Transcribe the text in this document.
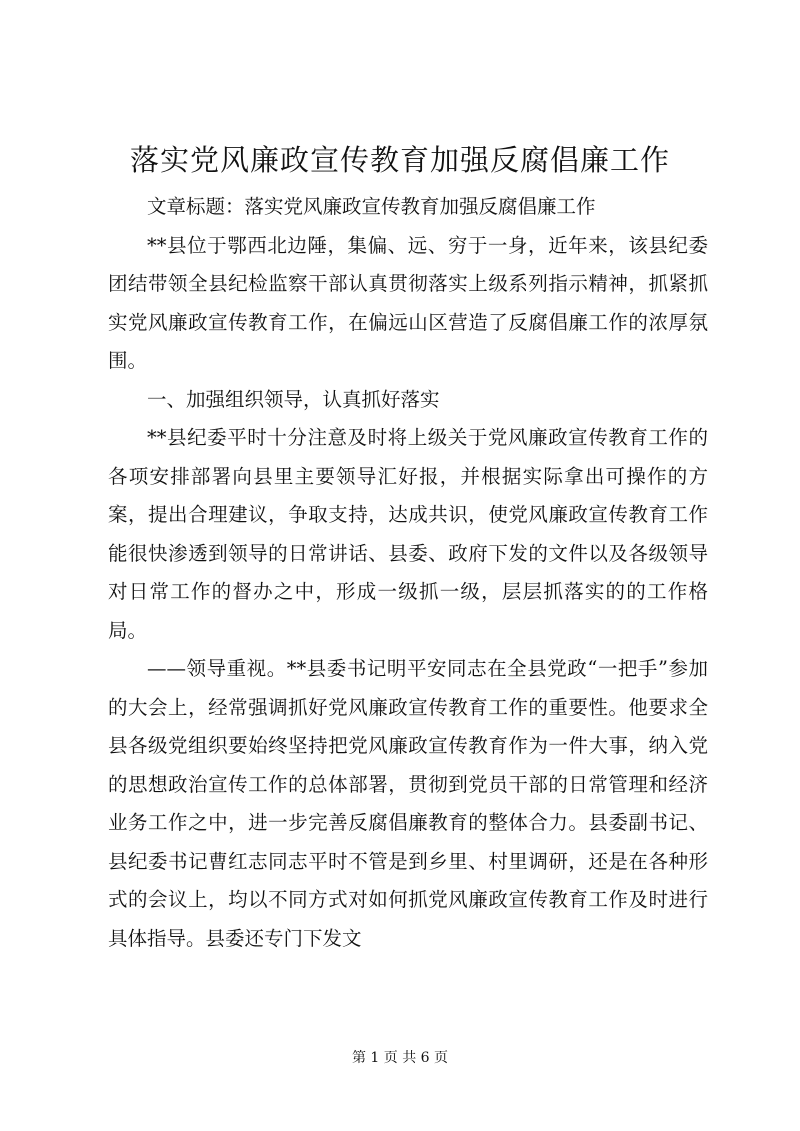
落实党风廉政宣传教育加强反腐倡廉工作

文章标题：落实党风廉政宣传教育加强反腐倡廉工作

**县位于鄂西北边陲，集偏、远、穷于一身，近年来，该县纪委团结带领全县纪检监察干部认真贯彻落实上级系列指示精神，抓紧抓实党风廉政宣传教育工作，在偏远山区营造了反腐倡廉工作的浓厚氛围。

一、加强组织领导，认真抓好落实

**县纪委平时十分注意及时将上级关于党风廉政宣传教育工作的各项安排部署向县里主要领导汇好报，并根据实际拿出可操作的方案，提出合理建议，争取支持，达成共识，使党风廉政宣传教育工作能很快渗透到领导的日常讲话、县委、政府下发的文件以及各级领导对日常工作的督办之中，形成一级抓一级，层层抓落实的的工作格局。

——领导重视。**县委书记明平安同志在全县党政“一把手”参加的大会上，经常强调抓好党风廉政宣传教育工作的重要性。他要求全县各级党组织要始终坚持把党风廉政宣传教育作为一件大事，纳入党的思想政治宣传工作的总体部署，贯彻到党员干部的日常管理和经济业务工作之中，进一步完善反腐倡廉教育的整体合力。县委副书记、县纪委书记曹红志同志平时不管是到乡里、村里调研，还是在各种形式的会议上，均以不同方式对如何抓党风廉政宣传教育工作及时进行具体指导。县委还专门下发文

第 1 页 共 6 页
